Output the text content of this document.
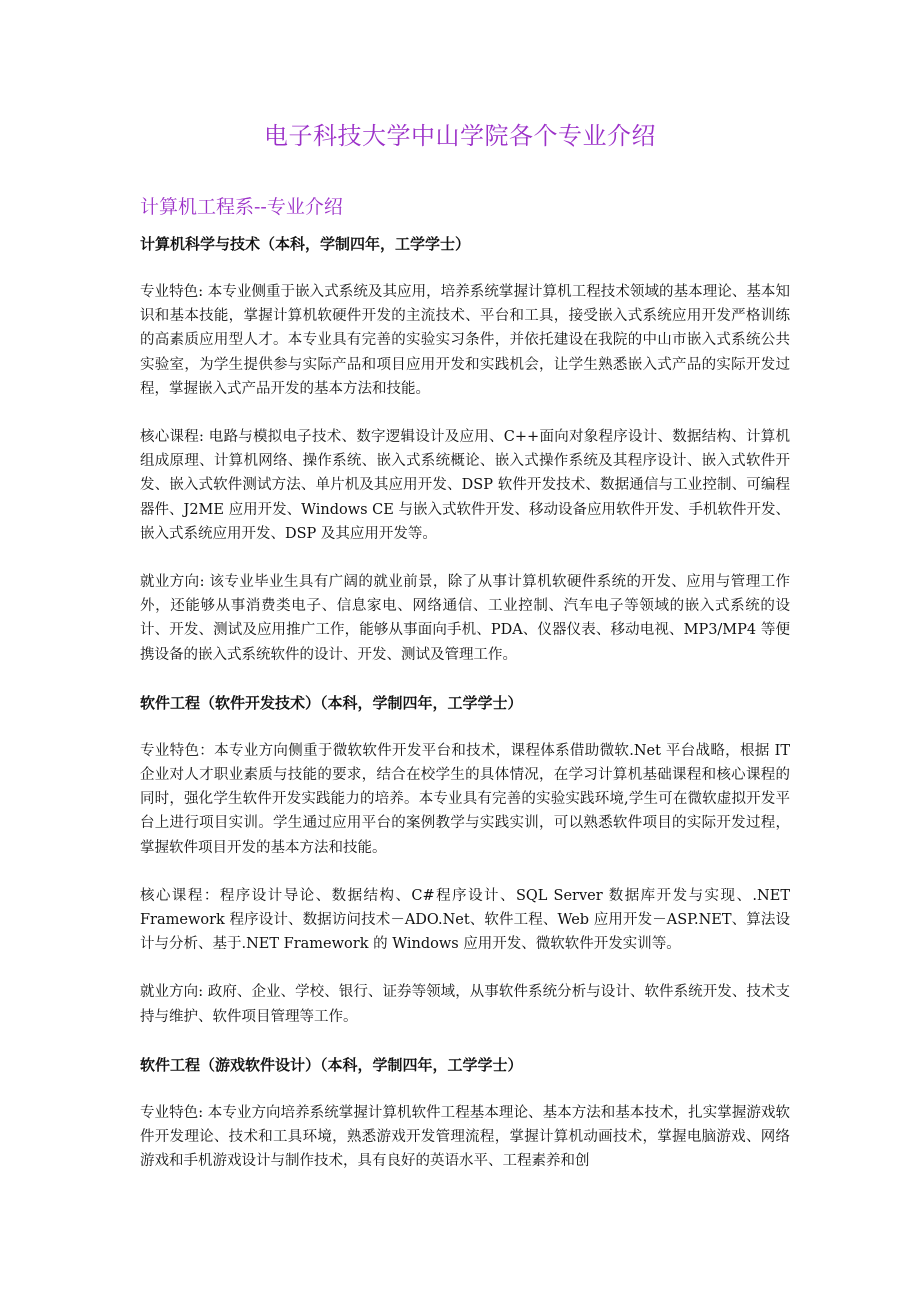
电子科技大学中山学院各个专业介绍
计算机工程系--专业介绍
计算机科学与技术（本科，学制四年，工学学士）

专业特色: 本专业侧重于嵌入式系统及其应用，培养系统掌握计算机工程技术领域的基本理论、基本知识和基本技能，掌握计算机软硬件开发的主流技术、平台和工具，接受嵌入式系统应用开发严格训练的高素质应用型人才。本专业具有完善的实验实习条件，并依托建设在我院的中山市嵌入式系统公共实验室，为学生提供参与实际产品和项目应用开发和实践机会，让学生熟悉嵌入式产品的实际开发过程，掌握嵌入式产品开发的基本方法和技能。

核心课程: 电路与模拟电子技术、数字逻辑设计及应用、C++面向对象程序设计、数据结构、计算机组成原理、计算机网络、操作系统、嵌入式系统概论、嵌入式操作系统及其程序设计、嵌入式软件开发、嵌入式软件测试方法、单片机及其应用开发、DSP 软件开发技术、数据通信与工业控制、可编程器件、J2ME 应用开发、Windows CE 与嵌入式软件开发、移动设备应用软件开发、手机软件开发、嵌入式系统应用开发、DSP 及其应用开发等。

就业方向: 该专业毕业生具有广阔的就业前景，除了从事计算机软硬件系统的开发、应用与管理工作外，还能够从事消费类电子、信息家电、网络通信、工业控制、汽车电子等领域的嵌入式系统的设计、开发、测试及应用推广工作，能够从事面向手机、PDA、仪器仪表、移动电视、MP3/MP4 等便携设备的嵌入式系统软件的设计、开发、测试及管理工作。

软件工程（软件开发技术）（本科，学制四年，工学学士）

专业特色：本专业方向侧重于微软软件开发平台和技术，课程体系借助微软.Net 平台战略，根据 IT 企业对人才职业素质与技能的要求，结合在校学生的具体情况，在学习计算机基础课程和核心课程的同时，强化学生软件开发实践能力的培养。本专业具有完善的实验实践环境,学生可在微软虚拟开发平台上进行项目实训。学生通过应用平台的案例教学与实践实训，可以熟悉软件项目的实际开发过程，掌握软件项目开发的基本方法和技能。

核心课程：程序设计导论、数据结构、C#程序设计、SQL Server 数据库开发与实现、.NET Framework 程序设计、数据访问技术－ADO.Net、软件工程、Web 应用开发－ASP.NET、算法设计与分析、基于.NET Framework 的 Windows 应用开发、微软软件开发实训等。

就业方向: 政府、企业、学校、银行、证券等领域，从事软件系统分析与设计、软件系统开发、技术支持与维护、软件项目管理等工作。

软件工程（游戏软件设计）（本科，学制四年，工学学士）

专业特色: 本专业方向培养系统掌握计算机软件工程基本理论、基本方法和基本技术，扎实掌握游戏软件开发理论、技术和工具环境，熟悉游戏开发管理流程，掌握计算机动画技术，掌握电脑游戏、网络游戏和手机游戏设计与制作技术，具有良好的英语水平、工程素养和创
